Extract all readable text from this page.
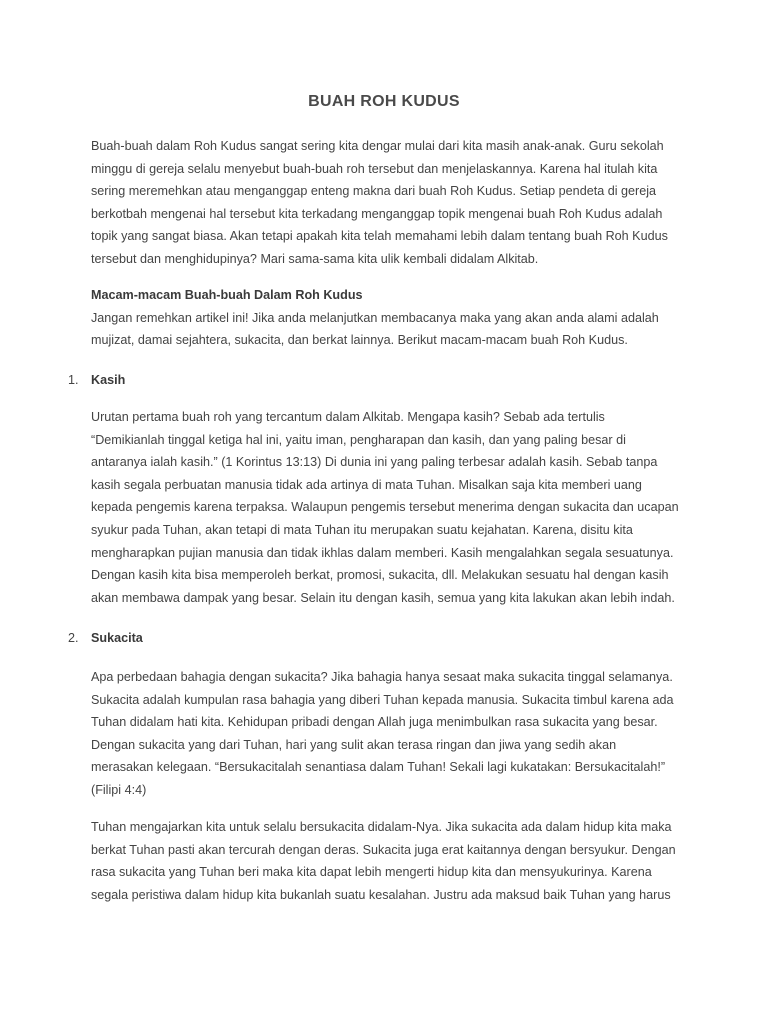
BUAH ROH KUDUS
Buah-buah dalam Roh Kudus sangat sering kita dengar mulai dari kita masih anak-anak. Guru sekolah
minggu di gereja selalu menyebut buah-buah roh tersebut dan menjelaskannya. Karena hal itulah kita
sering meremehkan atau menganggap enteng makna dari buah Roh Kudus. Setiap pendeta di gereja
berkotbah mengenai hal tersebut kita terkadang menganggap topik mengenai buah Roh Kudus adalah
topik yang sangat biasa. Akan tetapi apakah kita telah memahami lebih dalam tentang buah Roh Kudus
tersebut dan menghidupinya? Mari sama-sama kita ulik kembali didalam Alkitab.
Macam-macam Buah-buah Dalam Roh Kudus
Jangan remehkan artikel ini! Jika anda melanjutkan membacanya maka yang akan anda alami adalah
mujizat, damai sejahtera, sukacita, dan berkat lainnya. Berikut macam-macam buah Roh Kudus.
1. Kasih
Urutan pertama buah roh yang tercantum dalam Alkitab. Mengapa kasih? Sebab ada tertulis
“Demikianlah tinggal ketiga hal ini, yaitu iman, pengharapan dan kasih, dan yang paling besar di
antaranya ialah kasih.” (1 Korintus 13:13) Di dunia ini yang paling terbesar adalah kasih. Sebab tanpa
kasih segala perbuatan manusia tidak ada artinya di mata Tuhan. Misalkan saja kita memberi uang
kepada pengemis karena terpaksa. Walaupun pengemis tersebut menerima dengan sukacita dan ucapan
syukur pada Tuhan, akan tetapi di mata Tuhan itu merupakan suatu kejahatan. Karena, disitu kita
mengharapkan pujian manusia dan tidak ikhlas dalam memberi. Kasih mengalahkan segala sesuatunya.
Dengan kasih kita bisa memperoleh berkat, promosi, sukacita, dll. Melakukan sesuatu hal dengan kasih
akan membawa dampak yang besar. Selain itu dengan kasih, semua yang kita lakukan akan lebih indah.
2. Sukacita
Apa perbedaan bahagia dengan sukacita? Jika bahagia hanya sesaat maka sukacita tinggal selamanya.
Sukacita adalah kumpulan rasa bahagia yang diberi Tuhan kepada manusia. Sukacita timbul karena ada
Tuhan didalam hati kita. Kehidupan pribadi dengan Allah juga menimbulkan rasa sukacita yang besar.
Dengan sukacita yang dari Tuhan, hari yang sulit akan terasa ringan dan jiwa yang sedih akan
merasakan kelegaan. “Bersukacitalah senantiasa dalam Tuhan! Sekali lagi kukatakan: Bersukacitalah!”
(Filipi 4:4)
Tuhan mengajarkan kita untuk selalu bersukacita didalam-Nya. Jika sukacita ada dalam hidup kita maka
berkat Tuhan pasti akan tercurah dengan deras. Sukacita juga erat kaitannya dengan bersyukur. Dengan
rasa sukacita yang Tuhan beri maka kita dapat lebih mengerti hidup kita dan mensyukurinya. Karena
segala peristiwa dalam hidup kita bukanlah suatu kesalahan. Justru ada maksud baik Tuhan yang harus
